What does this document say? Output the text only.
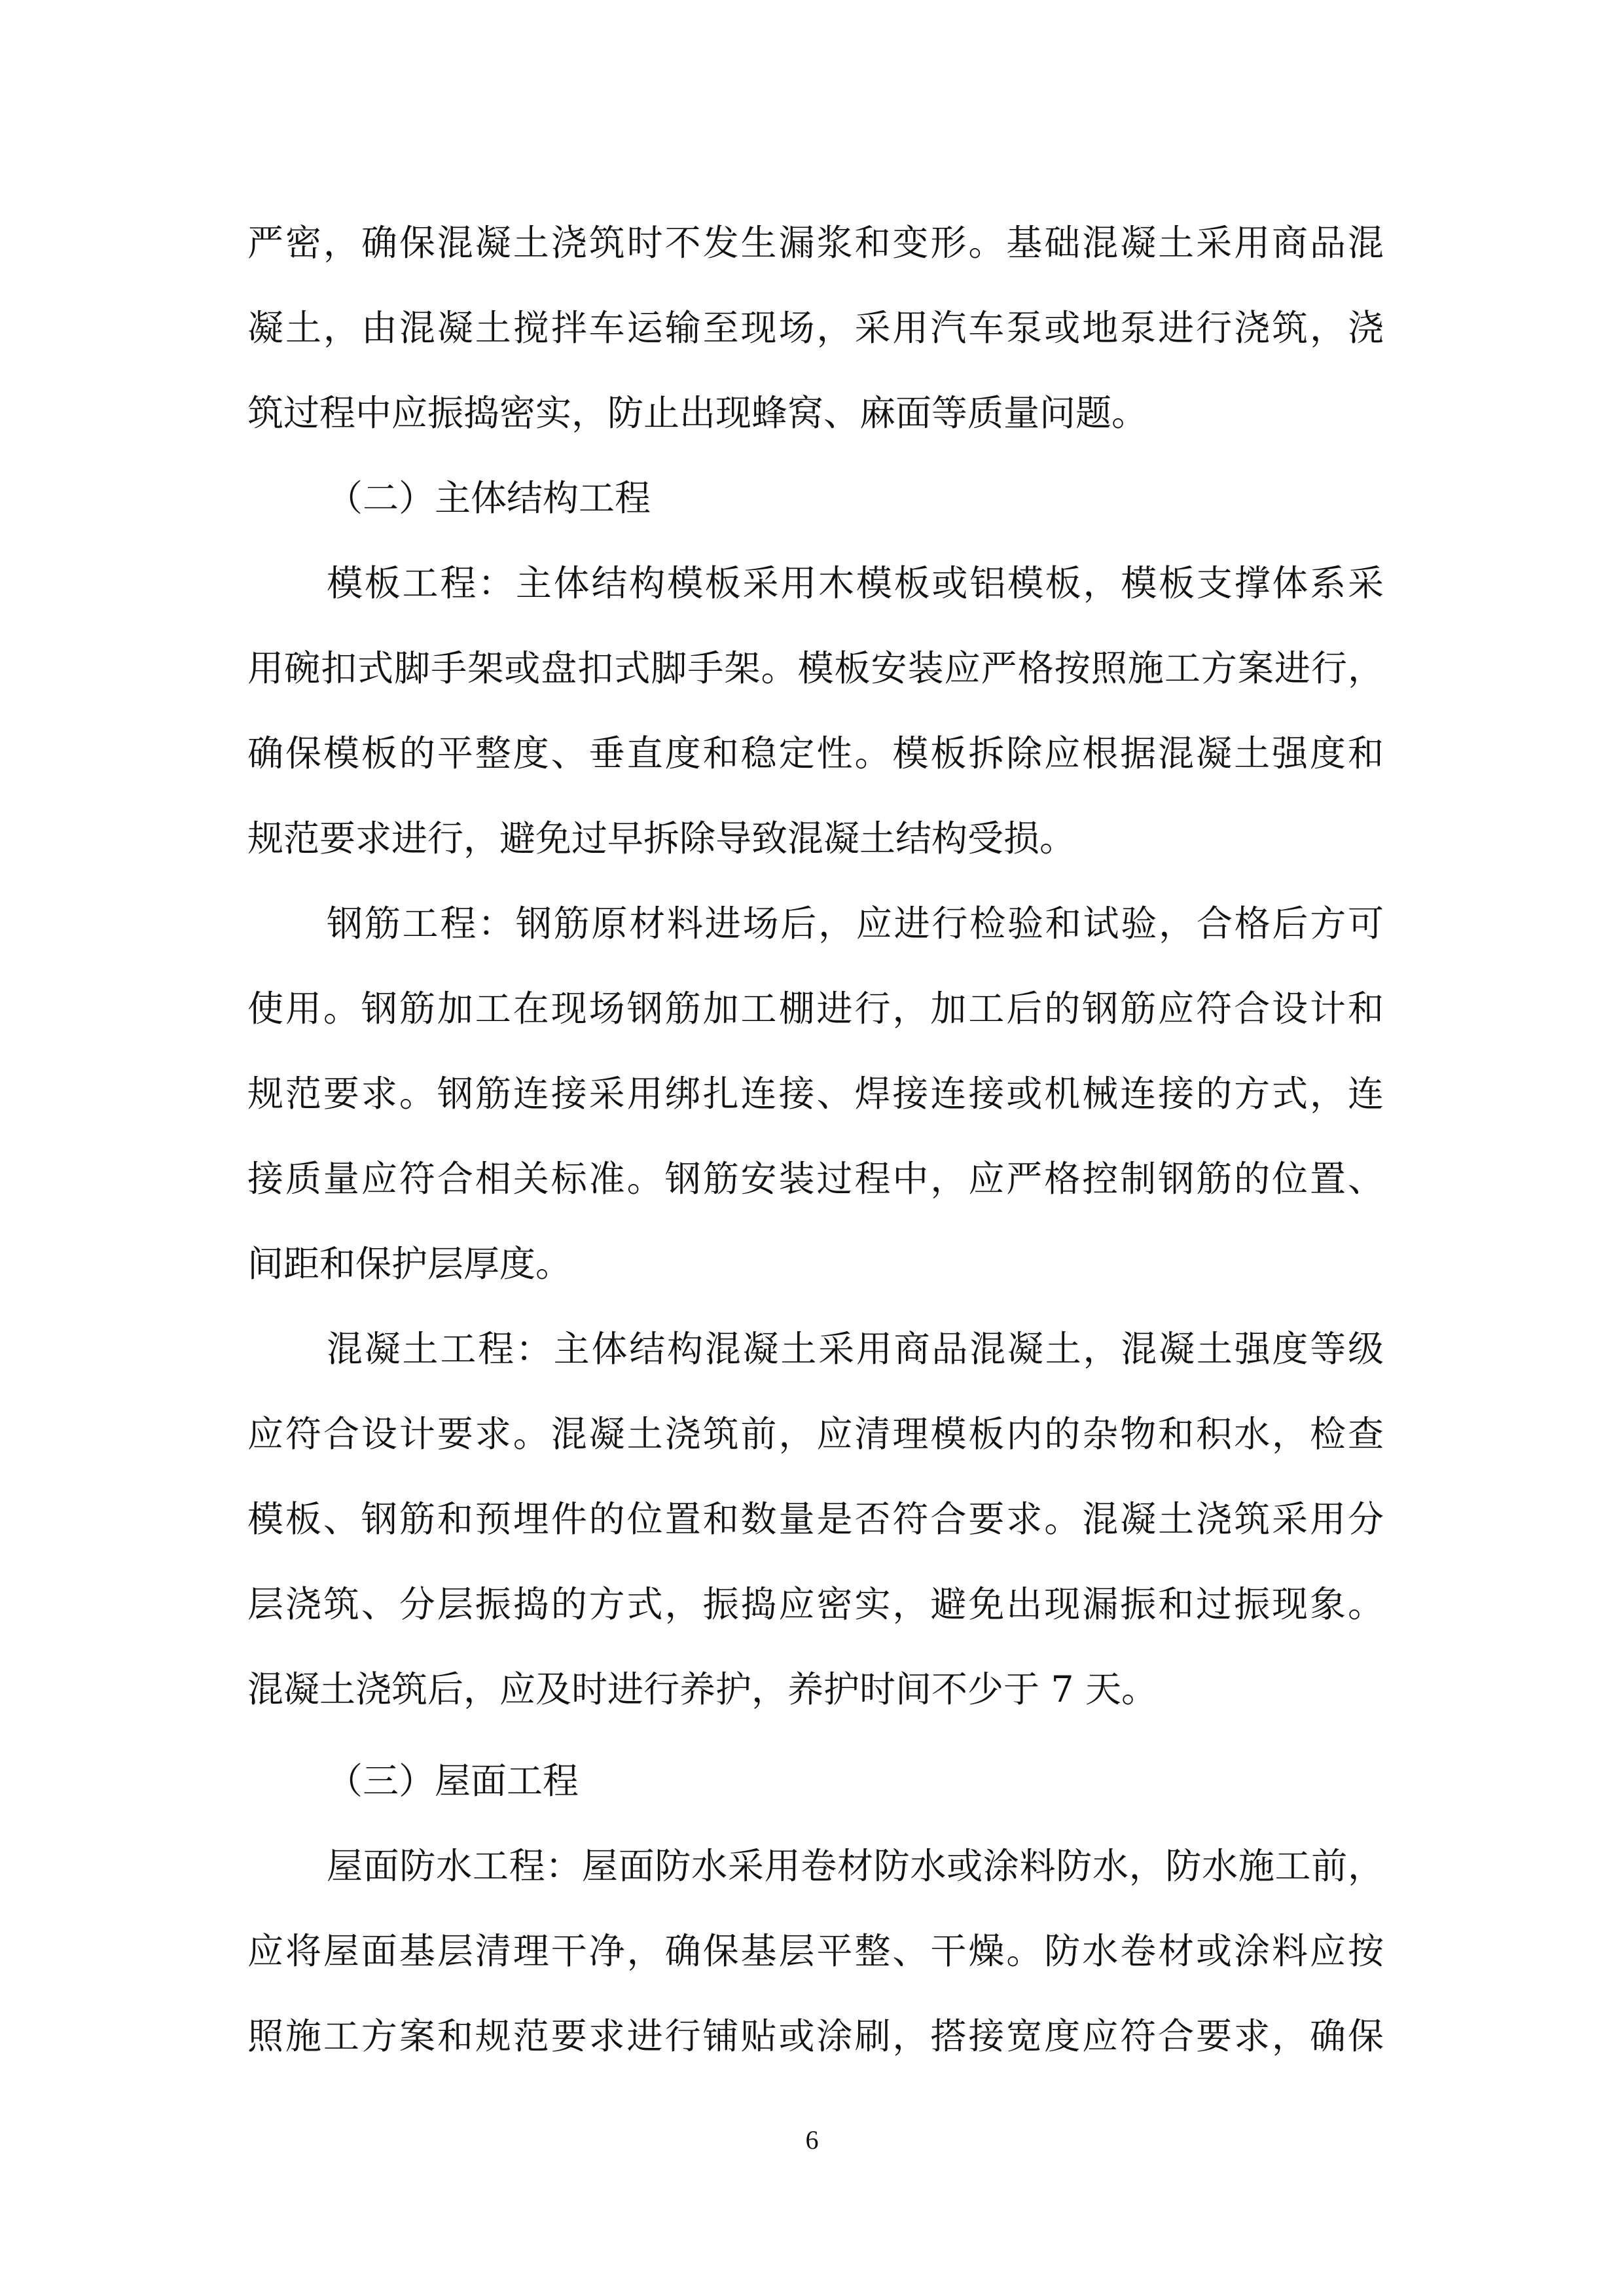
严密，确保混凝土浇筑时不发生漏浆和变形。基础混凝土采用商品混
凝土，由混凝土搅拌车运输至现场，采用汽车泵或地泵进行浇筑，浇
筑过程中应振捣密实，防止出现蜂窝、麻面等质量问题。
（二）主体结构工程
模板工程：主体结构模板采用木模板或铝模板，模板支撑体系采
用碗扣式脚手架或盘扣式脚手架。模板安装应严格按照施工方案进行，
确保模板的平整度、垂直度和稳定性。模板拆除应根据混凝土强度和
规范要求进行，避免过早拆除导致混凝土结构受损。
钢筋工程：钢筋原材料进场后，应进行检验和试验，合格后方可
使用。钢筋加工在现场钢筋加工棚进行，加工后的钢筋应符合设计和
规范要求。钢筋连接采用绑扎连接、焊接连接或机械连接的方式，连
接质量应符合相关标准。钢筋安装过程中，应严格控制钢筋的位置、
间距和保护层厚度。
混凝土工程：主体结构混凝土采用商品混凝土，混凝土强度等级
应符合设计要求。混凝土浇筑前，应清理模板内的杂物和积水，检查
模板、钢筋和预埋件的位置和数量是否符合要求。混凝土浇筑采用分
层浇筑、分层振捣的方式，振捣应密实，避免出现漏振和过振现象。
混凝土浇筑后，应及时进行养护，养护时间不少于 7 天。
（三）屋面工程
屋面防水工程：屋面防水采用卷材防水或涂料防水，防水施工前，
应将屋面基层清理干净，确保基层平整、干燥。防水卷材或涂料应按
照施工方案和规范要求进行铺贴或涂刷，搭接宽度应符合要求，确保
6
